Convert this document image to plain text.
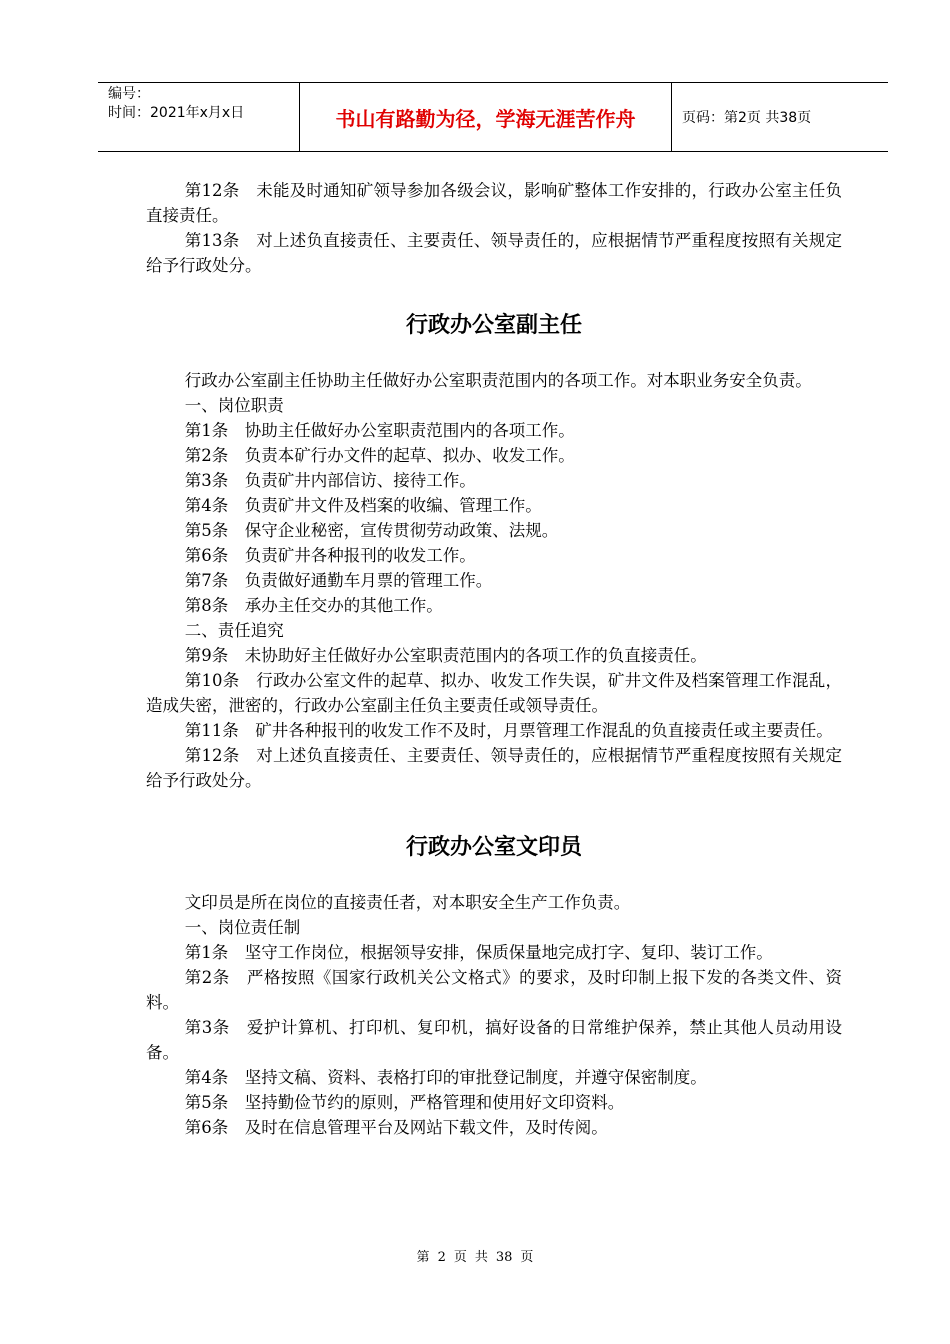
编号：
时间：2021年x月x日	书山有路勤为径，学海无涯苦作舟	页码：第2页 共38页

第12条　未能及时通知矿领导参加各级会议，影响矿整体工作安排的，行政办公室主任负直接责任。

第13条　对上述负直接责任、主要责任、领导责任的，应根据情节严重程度按照有关规定给予行政处分。

行政办公室副主任

行政办公室副主任协助主任做好办公室职责范围内的各项工作。对本职业务安全负责。

一、岗位职责

第1条　协助主任做好办公室职责范围内的各项工作。

第2条　负责本矿行办文件的起草、拟办、收发工作。

第3条　负责矿井内部信访、接待工作。

第4条　负责矿井文件及档案的收编、管理工作。

第5条　保守企业秘密，宣传贯彻劳动政策、法规。

第6条　负责矿井各种报刊的收发工作。

第7条　负责做好通勤车月票的管理工作。

第8条　承办主任交办的其他工作。

二、责任追究

第9条　未协助好主任做好办公室职责范围内的各项工作的负直接责任。

第10条　行政办公室文件的起草、拟办、收发工作失误，矿井文件及档案管理工作混乱，造成失密，泄密的，行政办公室副主任负主要责任或领导责任。

第11条　矿井各种报刊的收发工作不及时，月票管理工作混乱的负直接责任或主要责任。

第12条　对上述负直接责任、主要责任、领导责任的，应根据情节严重程度按照有关规定给予行政处分。

行政办公室文印员

文印员是所在岗位的直接责任者，对本职安全生产工作负责。

一、岗位责任制

第1条　坚守工作岗位，根据领导安排，保质保量地完成打字、复印、装订工作。

第2条　严格按照《国家行政机关公文格式》的要求，及时印制上报下发的各类文件、资料。

第3条　爱护计算机、打印机、复印机，搞好设备的日常维护保养，禁止其他人员动用设备。

第4条　坚持文稿、资料、表格打印的审批登记制度，并遵守保密制度。

第5条　坚持勤俭节约的原则，严格管理和使用好文印资料。

第6条　及时在信息管理平台及网站下载文件，及时传阅。

第 2 页 共 38 页
